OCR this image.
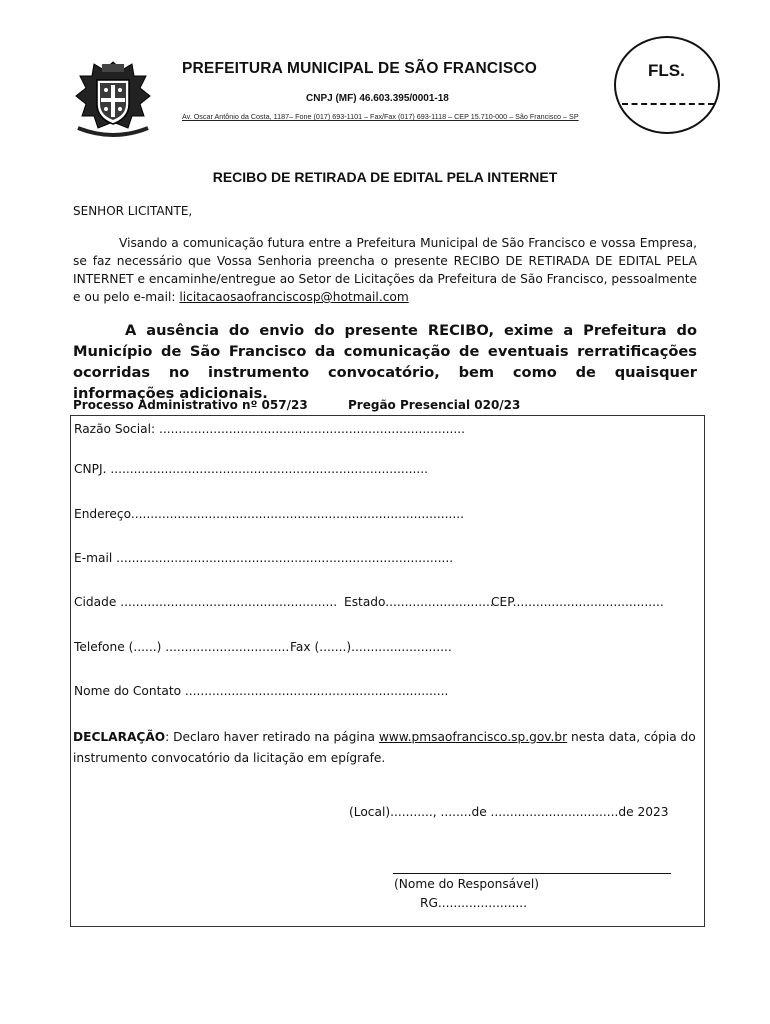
PREFEITURA MUNICIPAL DE SÃO FRANCISCO
CNPJ (MF) 46.603.395/0001-18
Av. Oscar Antônio da Costa, 1187– Fone (017) 693-1101 – Fax/Fax (017) 693-1118 – CEP 15.710-000 – São Francisco – SP
FLS.
RECIBO DE RETIRADA DE EDITAL PELA INTERNET
SENHOR LICITANTE,
Visando a comunicação futura entre a Prefeitura Municipal de São Francisco e vossa Empresa, se faz necessário que Vossa Senhoria preencha o presente RECIBO DE RETIRADA DE EDITAL PELA INTERNET e encaminhe/entregue ao Setor de Licitações da Prefeitura de São Francisco, pessoalmente e ou pelo e-mail: licitacaosaofranciscosp@hotmail.com
A ausência do envio do presente RECIBO, exime a Prefeitura do Município de São Francisco da comunicação de eventuais rerratificações ocorridas no instrumento convocatório, bem como de quaisquer informações adicionais.
Processo Administrativo nº 057/23	Pregão Presencial 020/23
Razão Social: ...............................................................................
CNPJ. ..................................................................................
Endereço......................................................................................
E-mail .......................................................................................
Cidade ........................................................ Estado............................
CEP.......................................
Telefone (......) ................................ Fax (.......)..........................
Nome do Contato ....................................................................
DECLARAÇÃO: Declaro haver retirado na página www.pmsaofrancisco.sp.gov.br nesta data, cópia do instrumento convocatório da licitação em epígrafe.
(Local)..........., ........de .................................de 2023
(Nome do Responsável)
RG.......................
